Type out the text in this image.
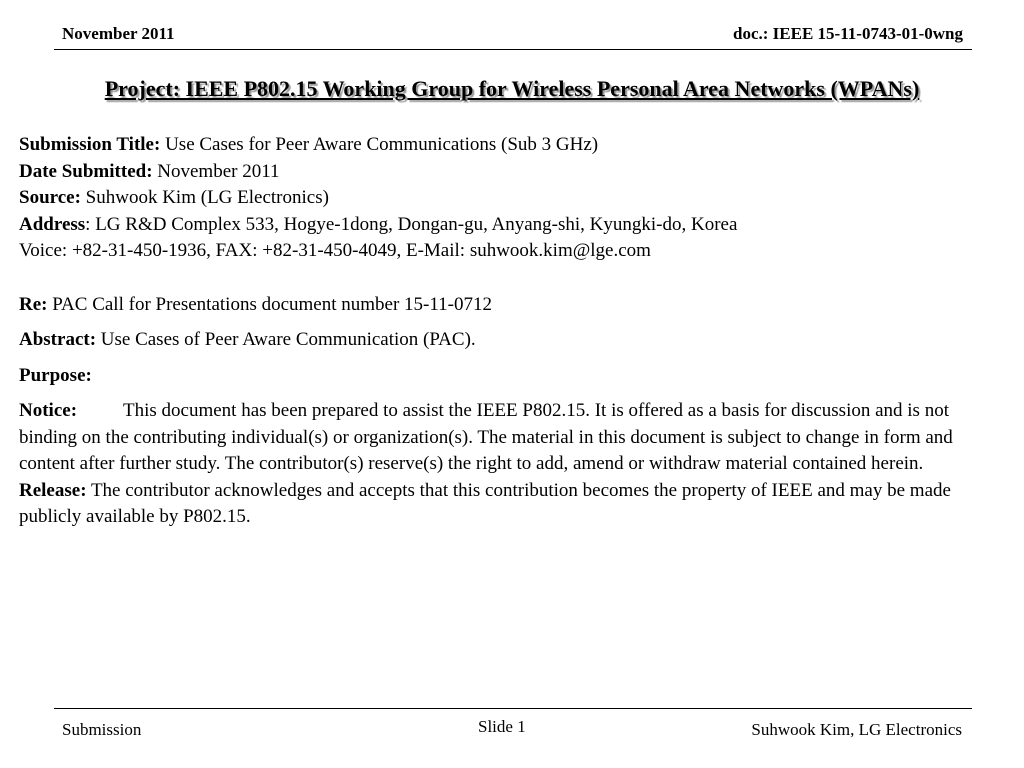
November 2011	doc.: IEEE 15-11-0743-01-0wng
Project: IEEE P802.15 Working Group for Wireless Personal Area Networks (WPANs)
Submission Title: Use Cases for Peer Aware Communications (Sub 3 GHz)
Date Submitted: November 2011
Source: Suhwook Kim (LG Electronics)
Address: LG R&D Complex 533, Hogye-1dong, Dongan-gu, Anyang-shi, Kyungki-do, Korea
Voice: +82-31-450-1936, FAX: +82-31-450-4049, E-Mail: suhwook.kim@lge.com
Re: PAC Call for Presentations document number 15-11-0712
Abstract: Use Cases of Peer Aware Communication (PAC).
Purpose:
Notice: This document has been prepared to assist the IEEE P802.15. It is offered as a basis for discussion and is not binding on the contributing individual(s) or organization(s). The material in this document is subject to change in form and content after further study. The contributor(s) reserve(s) the right to add, amend or withdraw material contained herein.
Release: The contributor acknowledges and accepts that this contribution becomes the property of IEEE and may be made publicly available by P802.15.
Submission	Slide 1	Suhwook Kim, LG Electronics
